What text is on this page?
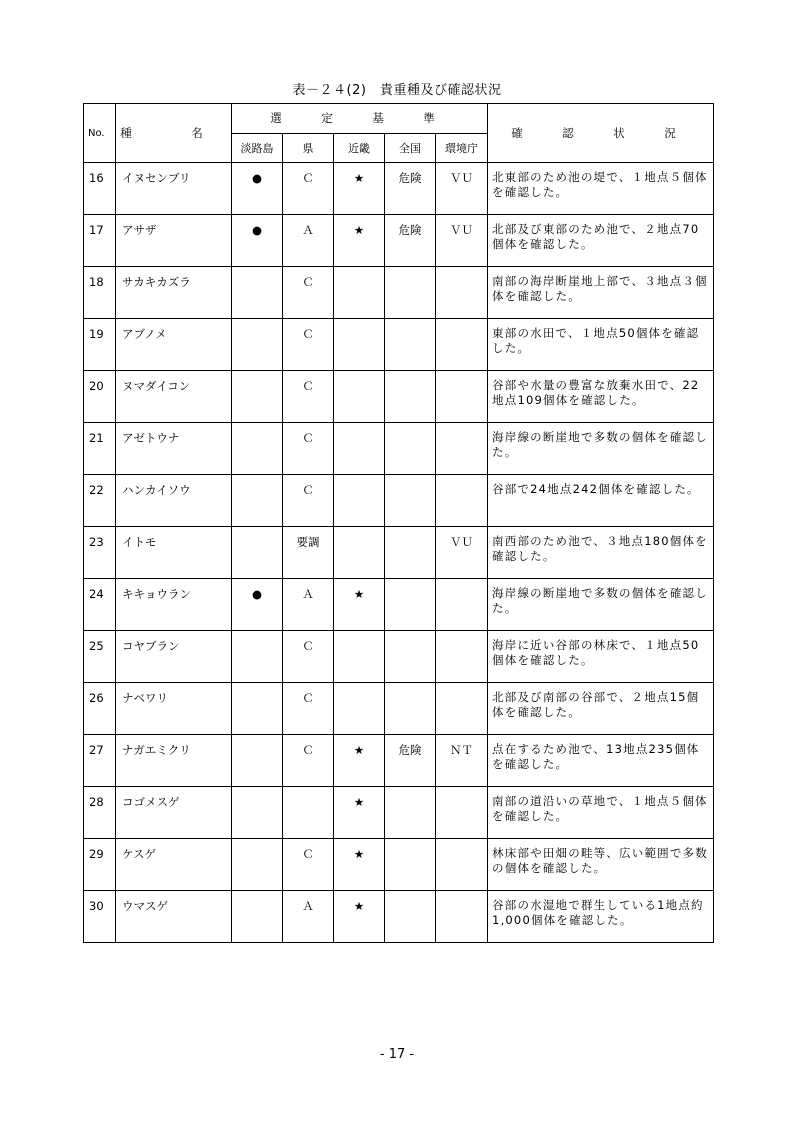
表－２４(2)　貴重種及び確認状況
No.	種　名	選　定　基　準					確　認　状　況
		淡路島	県	近畿	全国	環境庁	
16	イヌセンブリ	●	Ｃ	★	危険	ＶＵ	北東部のため池の堤で、１地点５個体を確認した。
17	アサザ	●	Ａ	★	危険	ＶＵ	北部及び東部のため池で、２地点70個体を確認した。
18	サカキカズラ		Ｃ				南部の海岸断崖地上部で、３地点３個体を確認した。
19	アブノメ		Ｃ				東部の水田で、１地点50個体を確認した。
20	ヌマダイコン		Ｃ				谷部や水量の豊富な放棄水田で、22地点109個体を確認した。
21	アゼトウナ		Ｃ				海岸線の断崖地で多数の個体を確認した。
22	ハンカイソウ		Ｃ				谷部で24地点242個体を確認した。
23	イトモ		要調			ＶＵ	南西部のため池で、３地点180個体を確認した。
24	キキョウラン	●	Ａ	★			海岸線の断崖地で多数の個体を確認した。
25	コヤブラン		Ｃ				海岸に近い谷部の林床で、１地点50個体を確認した。
26	ナベワリ		Ｃ				北部及び南部の谷部で、２地点15個体を確認した。
27	ナガエミクリ		Ｃ	★	危険	ＮＴ	点在するため池で、13地点235個体を確認した。
28	コゴメスゲ			★			南部の道沿いの草地で、１地点５個体を確認した。
29	ケスゲ		Ｃ	★			林床部や田畑の畦等、広い範囲で多数の個体を確認した。
30	ウマスゲ		Ａ	★			谷部の水湿地で群生している1地点約1,000個体を確認した。
- 17 -
